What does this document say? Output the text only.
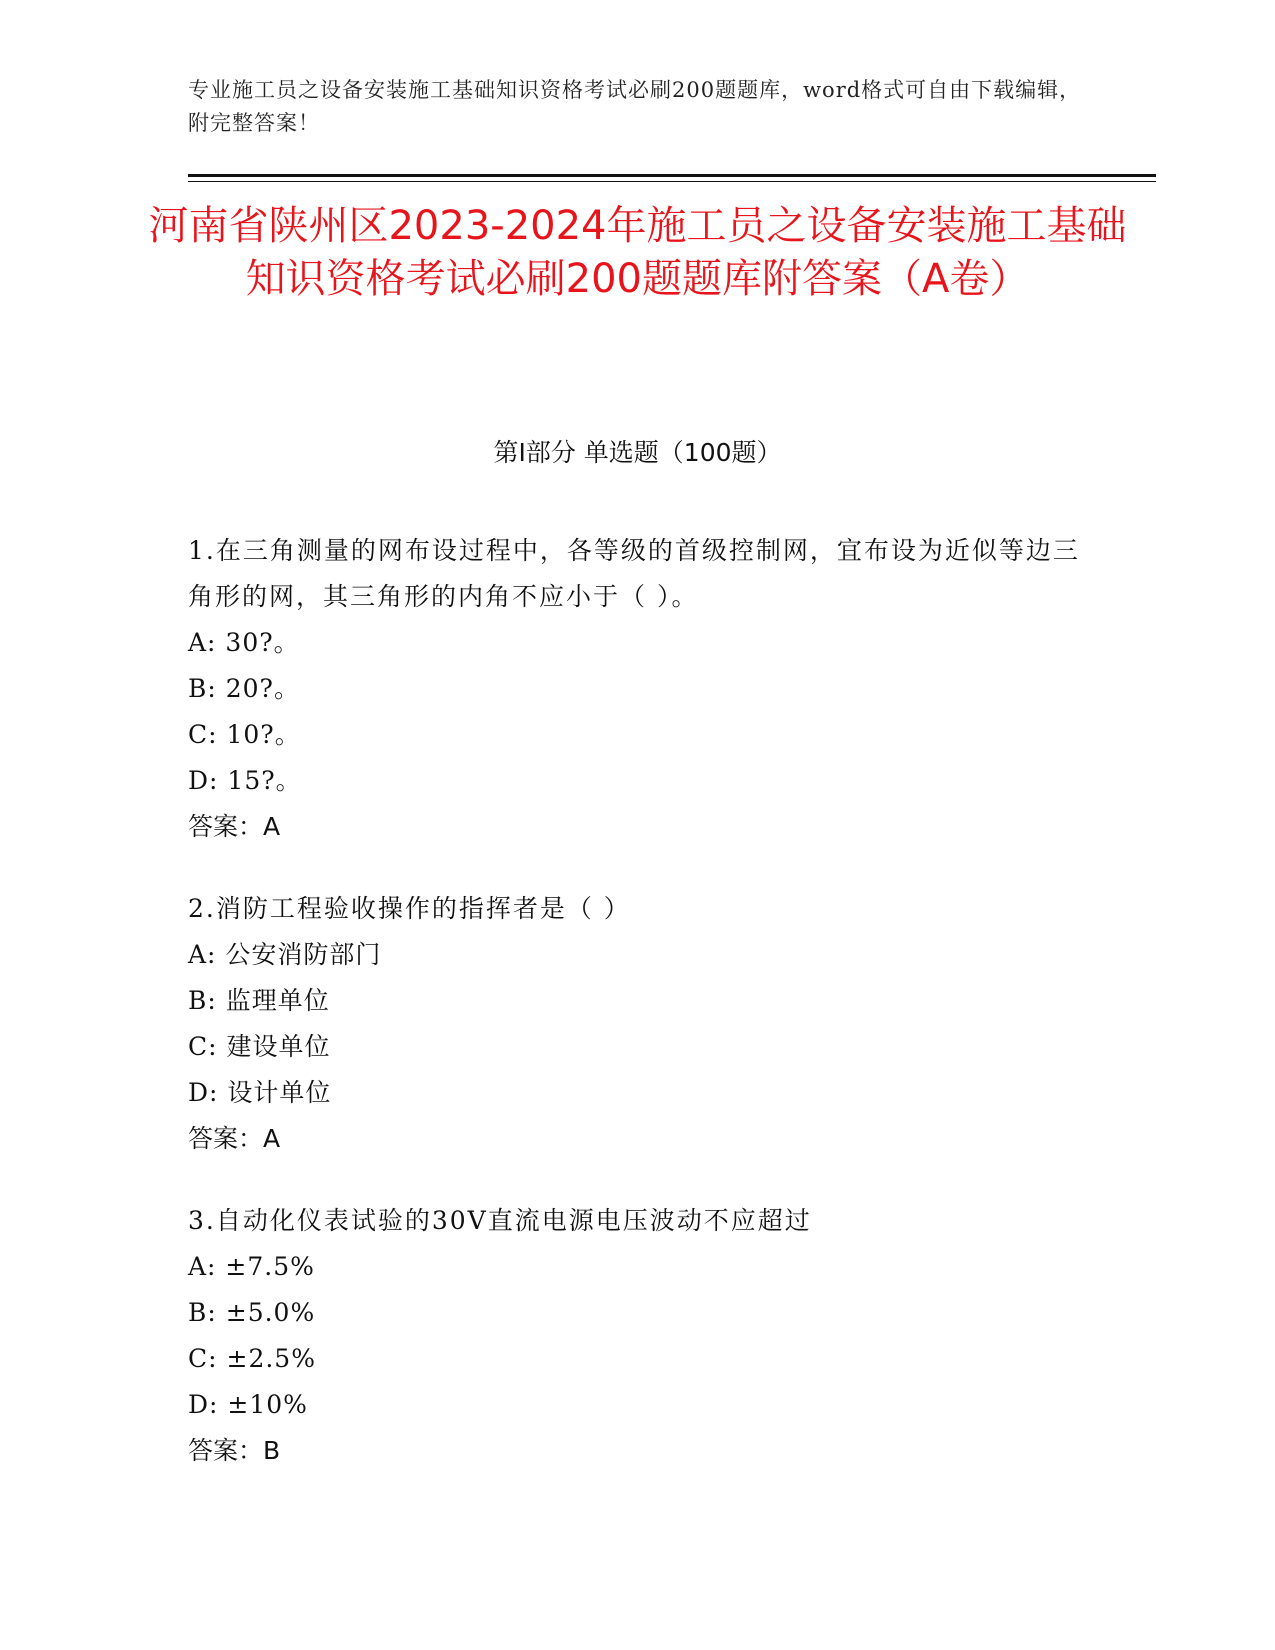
专业施工员之设备安装施工基础知识资格考试必刷200题题库，word格式可自由下载编辑，附完整答案！
河南省陕州区2023-2024年施工员之设备安装施工基础知识资格考试必刷200题题库附答案（A卷）
第I部分 单选题（100题）
1.在三角测量的网布设过程中，各等级的首级控制网，宜布设为近似等边三角形的网，其三角形的内角不应小于（ ）。
A: 30?。
B: 20?。
C: 10?。
D: 15?。
答案：A
2.消防工程验收操作的指挥者是（ ）
A: 公安消防部门
B: 监理单位
C: 建设单位
D: 设计单位
答案：A
3.自动化仪表试验的30V直流电源电压波动不应超过
A: ±7.5%
B: ±5.0%
C: ±2.5%
D: ±10%
答案：B
